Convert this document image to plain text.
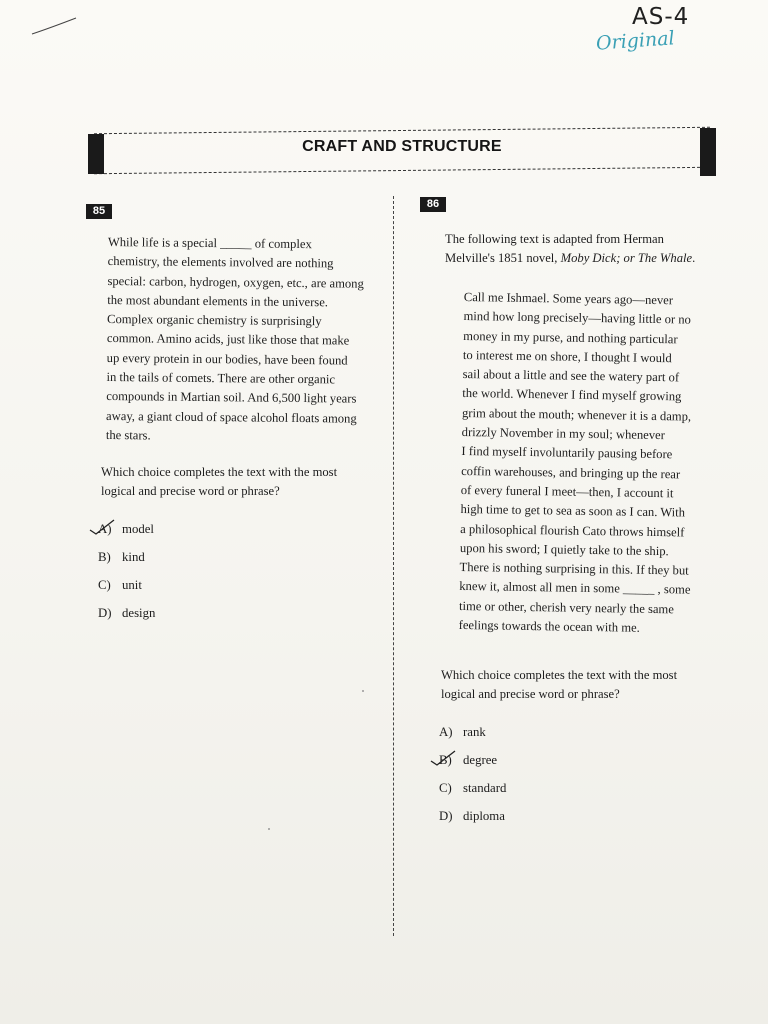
AS-4
Original
CRAFT AND STRUCTURE
85
While life is a special _____ of complex
chemistry, the elements involved are nothing
special: carbon, hydrogen, oxygen, etc., are among
the most abundant elements in the universe.
Complex organic chemistry is surprisingly
common. Amino acids, just like those that make
up every protein in our bodies, have been found
in the tails of comets. There are other organic
compounds in Martian soil. And 6,500 light years
away, a giant cloud of space alcohol floats among
the stars.
Which choice completes the text with the most
logical and precise word or phrase?
A) model
B) kind
C) unit
D) design
86
The following text is adapted from Herman
Melville's 1851 novel, Moby Dick; or The Whale.
Call me Ishmael. Some years ago—never
mind how long precisely—having little or no
money in my purse, and nothing particular
to interest me on shore, I thought I would
sail about a little and see the watery part of
the world. Whenever I find myself growing
grim about the mouth; whenever it is a damp,
drizzly November in my soul; whenever
I find myself involuntarily pausing before
coffin warehouses, and bringing up the rear
of every funeral I meet—then, I account it
high time to get to sea as soon as I can. With
a philosophical flourish Cato throws himself
upon his sword; I quietly take to the ship.
There is nothing surprising in this. If they but
knew it, almost all men in some _____ , some
time or other, cherish very nearly the same
feelings towards the ocean with me.
Which choice completes the text with the most
logical and precise word or phrase?
A) rank
B) degree
C) standard
D) diploma
